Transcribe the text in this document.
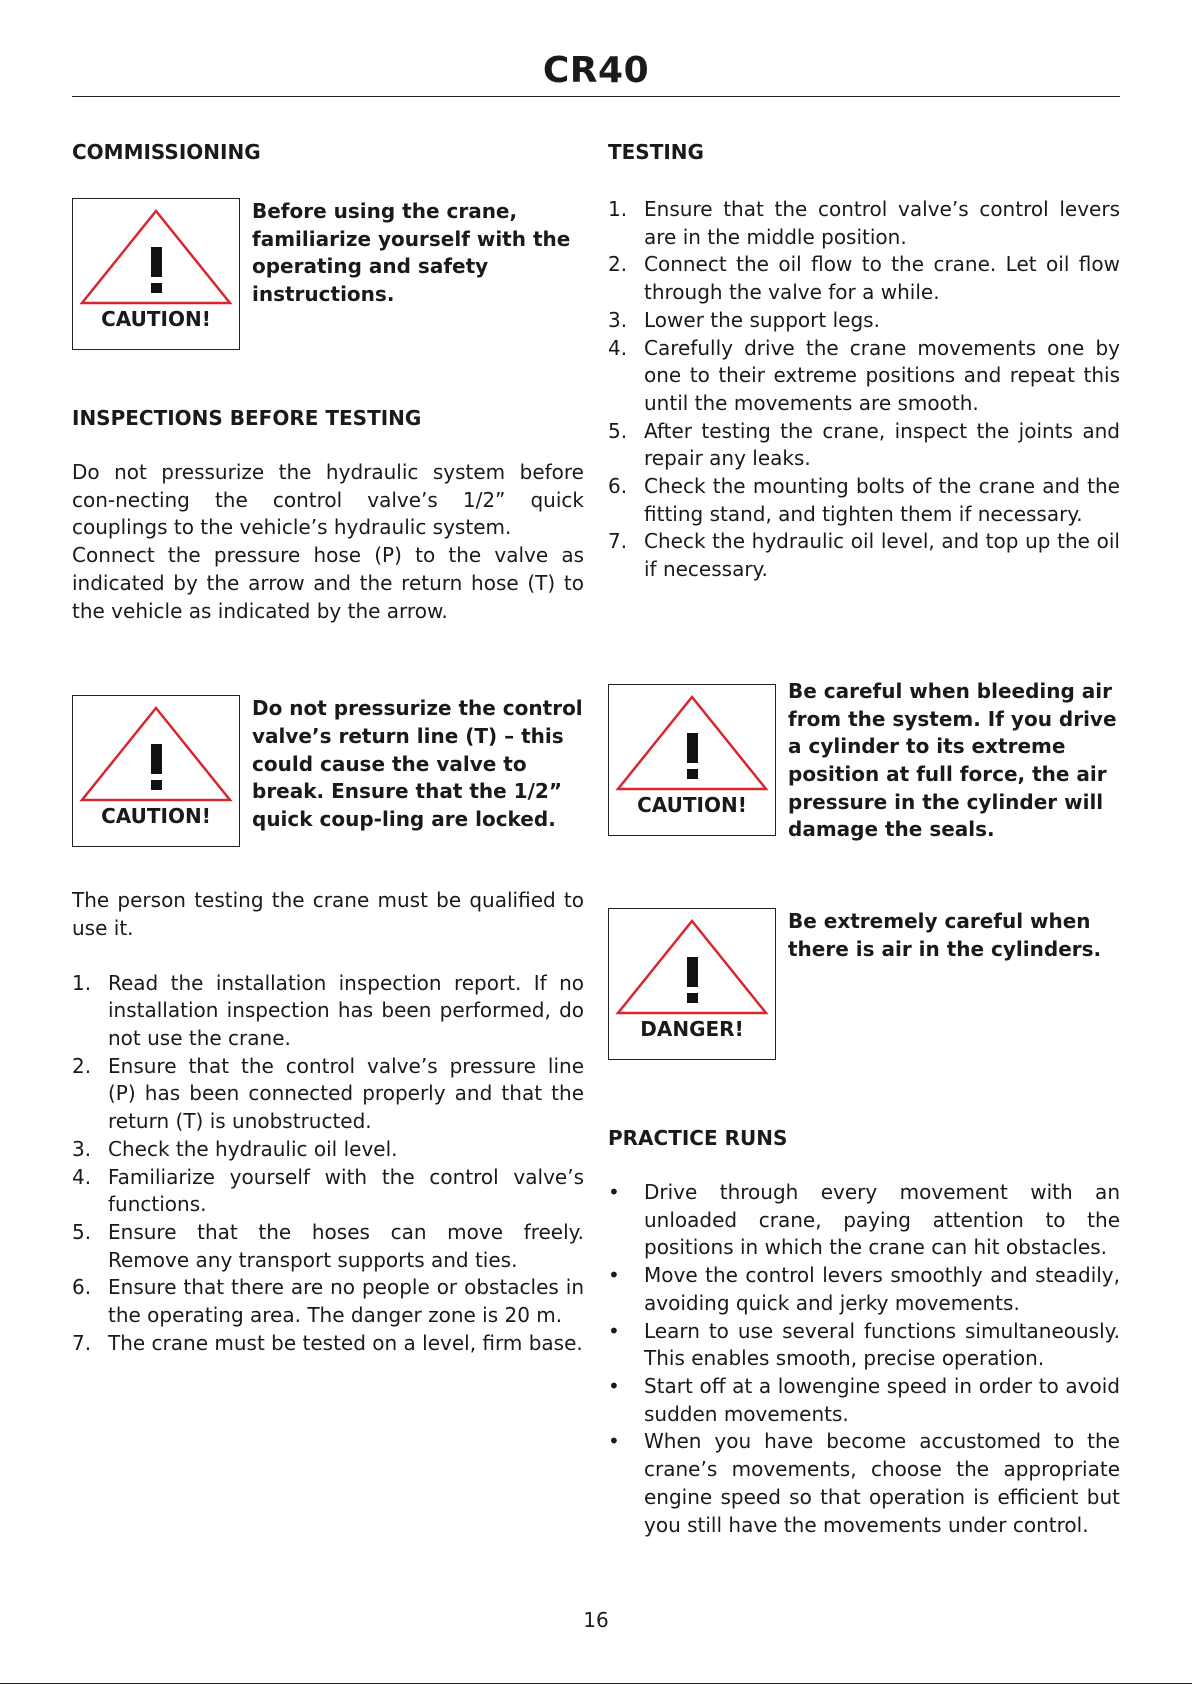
CR40
COMMISSIONING
CAUTION!

Before using the crane, familiarize yourself with the operating and safety instructions.

INSPECTIONS BEFORE TESTING

Do not pressurize the hydraulic system before con-necting the control valve’s 1/2” quick couplings to the vehicle’s hydraulic system.

Connect the pressure hose (P) to the valve as indicated by the arrow and the return hose (T) to the vehicle as indicated by the arrow.

CAUTION!

Do not pressurize the control valve’s return line (T) – this could cause the valve to break. Ensure that the 1/2” quick coup-ling are locked.

The person testing the crane must be qualified to use it.

1. Read the installation inspection report. If no installation inspection has been performed, do not use the crane.
2. Ensure that the control valve’s pressure line (P) has been connected properly and that the return (T) is unobstructed.
3. Check the hydraulic oil level.
4. Familiarize yourself with the control valve’s functions.
5. Ensure that the hoses can move freely. Remove any transport supports and ties.
6. Ensure that there are no people or obstacles in the operating area. The danger zone is 20 m.
7. The crane must be tested on a level, firm base.
TESTING
1. Ensure that the control valve’s control levers are in the middle position.
2. Connect the oil flow to the crane. Let oil flow through the valve for a while.
3. Lower the support legs.
4. Carefully drive the crane movements one by one to their extreme positions and repeat this until the movements are smooth.
5. After testing the crane, inspect the joints and repair any leaks.
6. Check the mounting bolts of the crane and the fitting stand, and tighten them if necessary.
7. Check the hydraulic oil level, and top up the oil if necessary.
CAUTION!

Be careful when bleeding air from the system. If you drive a cylinder to its extreme position at full force, the air pressure in the cylinder will damage the seals.

DANGER!

Be extremely careful when there is air in the cylinders.

PRACTICE RUNS
• Drive through every movement with an unloaded crane, paying attention to the positions in which the crane can hit obstacles.
• Move the control levers smoothly and steadily, avoiding quick and jerky movements.
• Learn to use several functions simultaneously. This enables smooth, precise operation.
• Start off at a lowengine speed in order to avoid sudden movements.
• When you have become accustomed to the crane’s movements, choose the appropriate engine speed so that operation is efficient but you still have the movements under control.
16
